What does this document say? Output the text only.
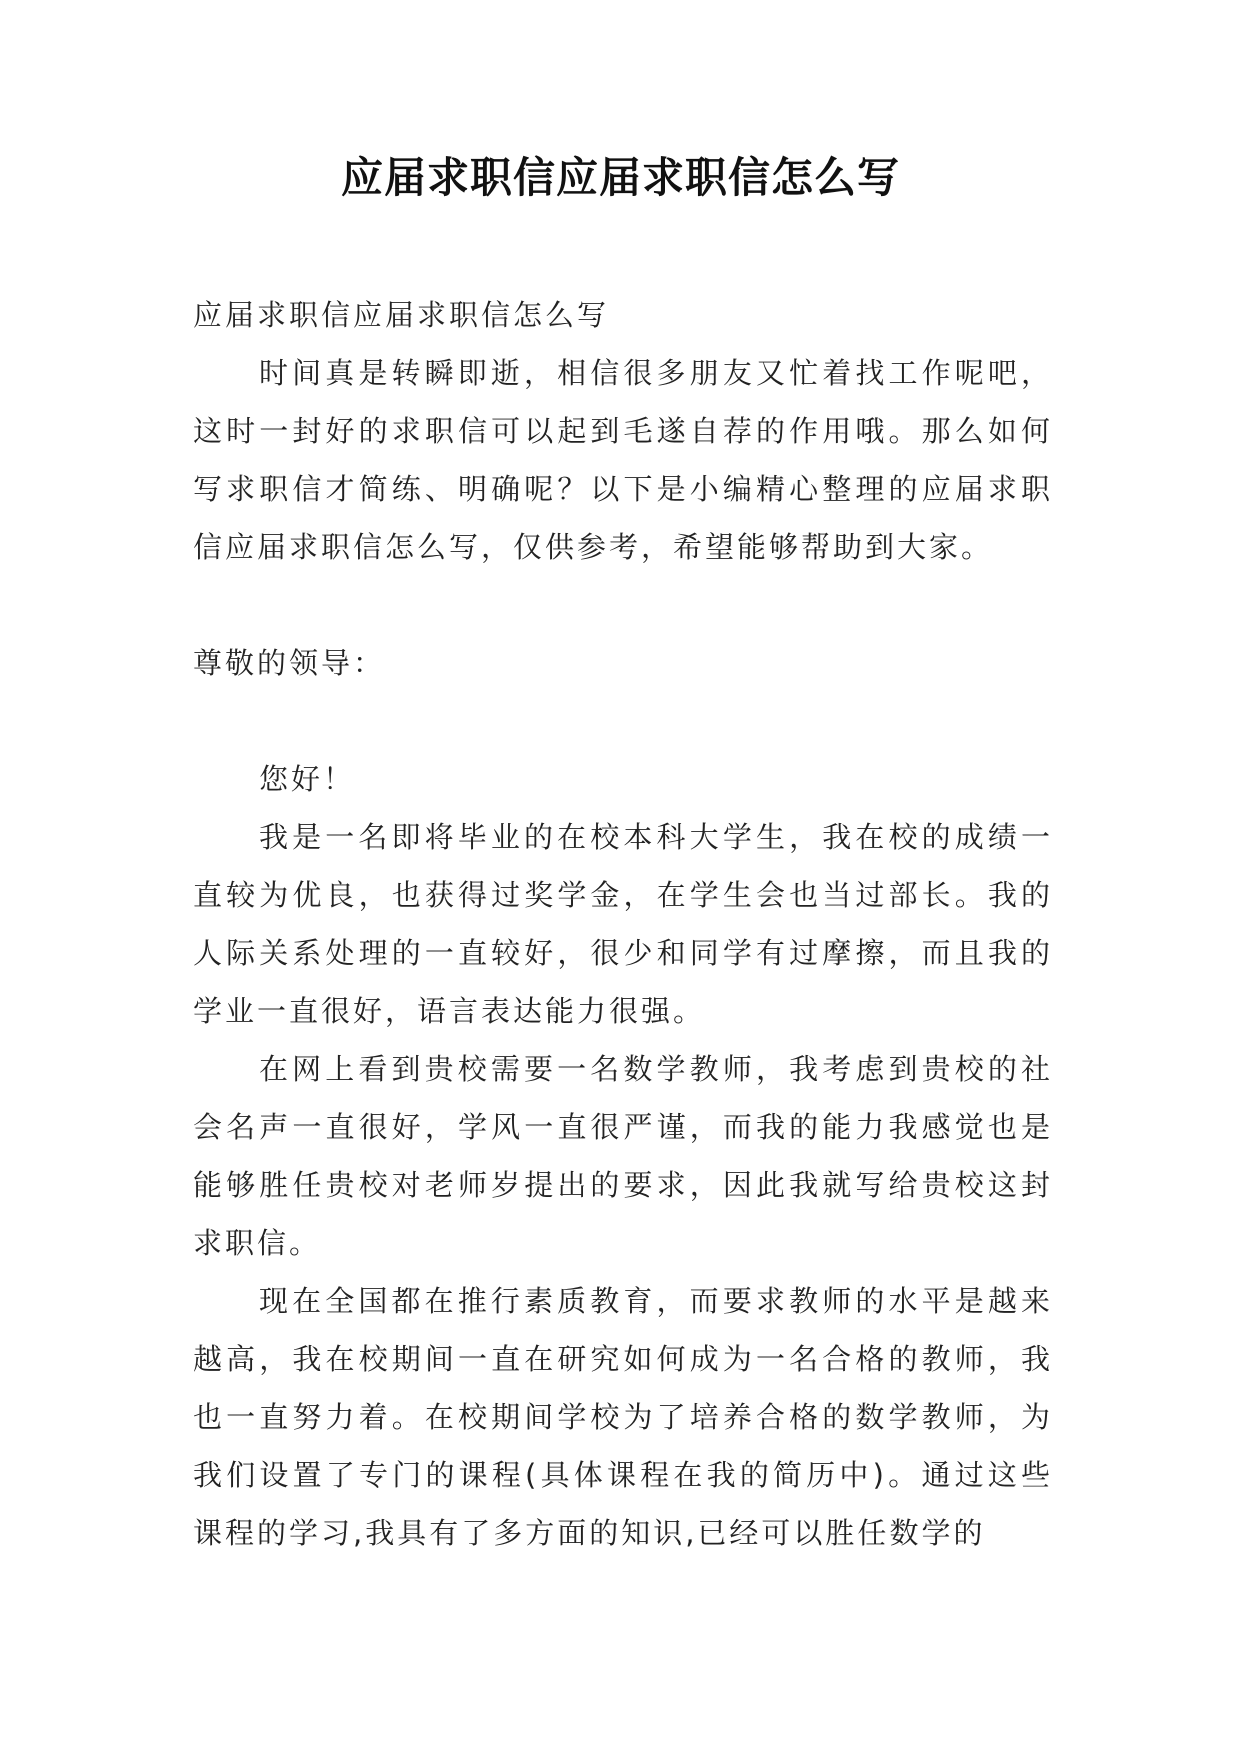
应届求职信应届求职信怎么写

应届求职信应届求职信怎么写

时间真是转瞬即逝，相信很多朋友又忙着找工作呢吧，这时一封好的求职信可以起到毛遂自荐的作用哦。那么如何写求职信才简练、明确呢？以下是小编精心整理的应届求职信应届求职信怎么写，仅供参考，希望能够帮助到大家。

尊敬的领导：

您好！

我是一名即将毕业的在校本科大学生，我在校的成绩一直较为优良，也获得过奖学金，在学生会也当过部长。我的人际关系处理的一直较好，很少和同学有过摩擦，而且我的学业一直很好，语言表达能力很强。

在网上看到贵校需要一名数学教师，我考虑到贵校的社会名声一直很好，学风一直很严谨，而我的能力我感觉也是能够胜任贵校对老师岁提出的要求，因此我就写给贵校这封求职信。

现在全国都在推行素质教育，而要求教师的水平是越来越高，我在校期间一直在研究如何成为一名合格的教师，我也一直努力着。在校期间学校为了培养合格的数学教师，为我们设置了专门的课程(具体课程在我的简历中)。通过这些课程的学习,我具有了多方面的知识,已经可以胜任数学的
